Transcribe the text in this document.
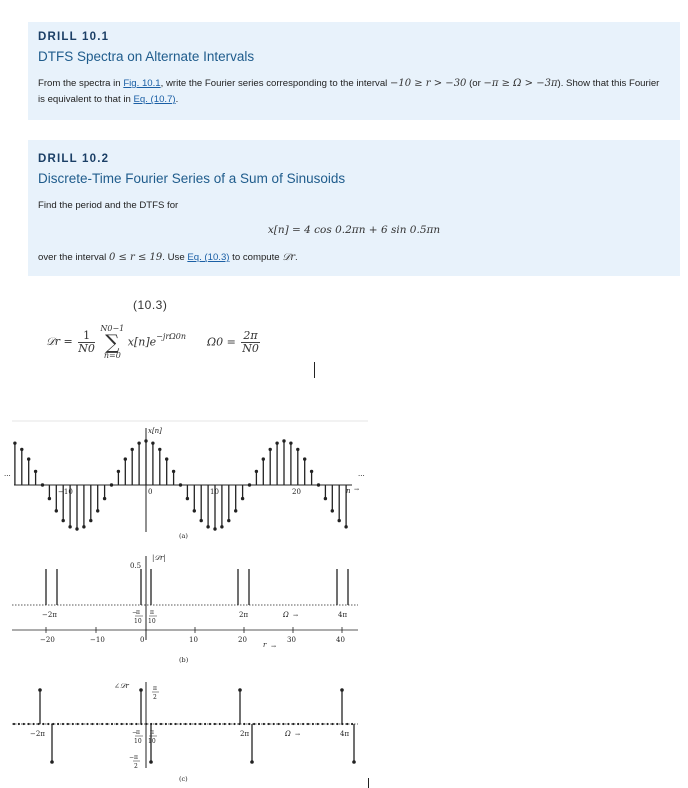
DRILL 10.1
DTFS Spectra on Alternate Intervals
From the spectra in Fig. 10.1, write the Fourier series corresponding to the interval −10 ≥ r > −30 (or −π ≥ Ω > −3π). Show that this Fourier is equivalent to that in Eq. (10.7).
DRILL 10.2
Discrete-Time Fourier Series of a Sum of Sinusoids
Find the period and the DTFS for
x[n] = 4 cos 0.2πn + 6 sin 0.5πn
over the interval 0 ≤ r ≤ 19. Use Eq. (10.3) to compute 𝒟r.
(10.3)
𝒟r = $\frac{1}{N0}$

N0−1
∑
n=0
$x[n]e^{-jr\Omega 0n}$ $\Omega 0 = \frac{2\pi}{N0}$
x[n]
−10	0	10	20	n →
···	···
(a)
0.5
|𝒟r|
−2π	2π	4π
Ω →
−
π
10
π
10
−20	−10	0	10	20	30	40
r →
(b)
∠𝒟r	π
2
− π
2
−2π	2π	4π
Ω →
−
π
10
π
10
(c)
